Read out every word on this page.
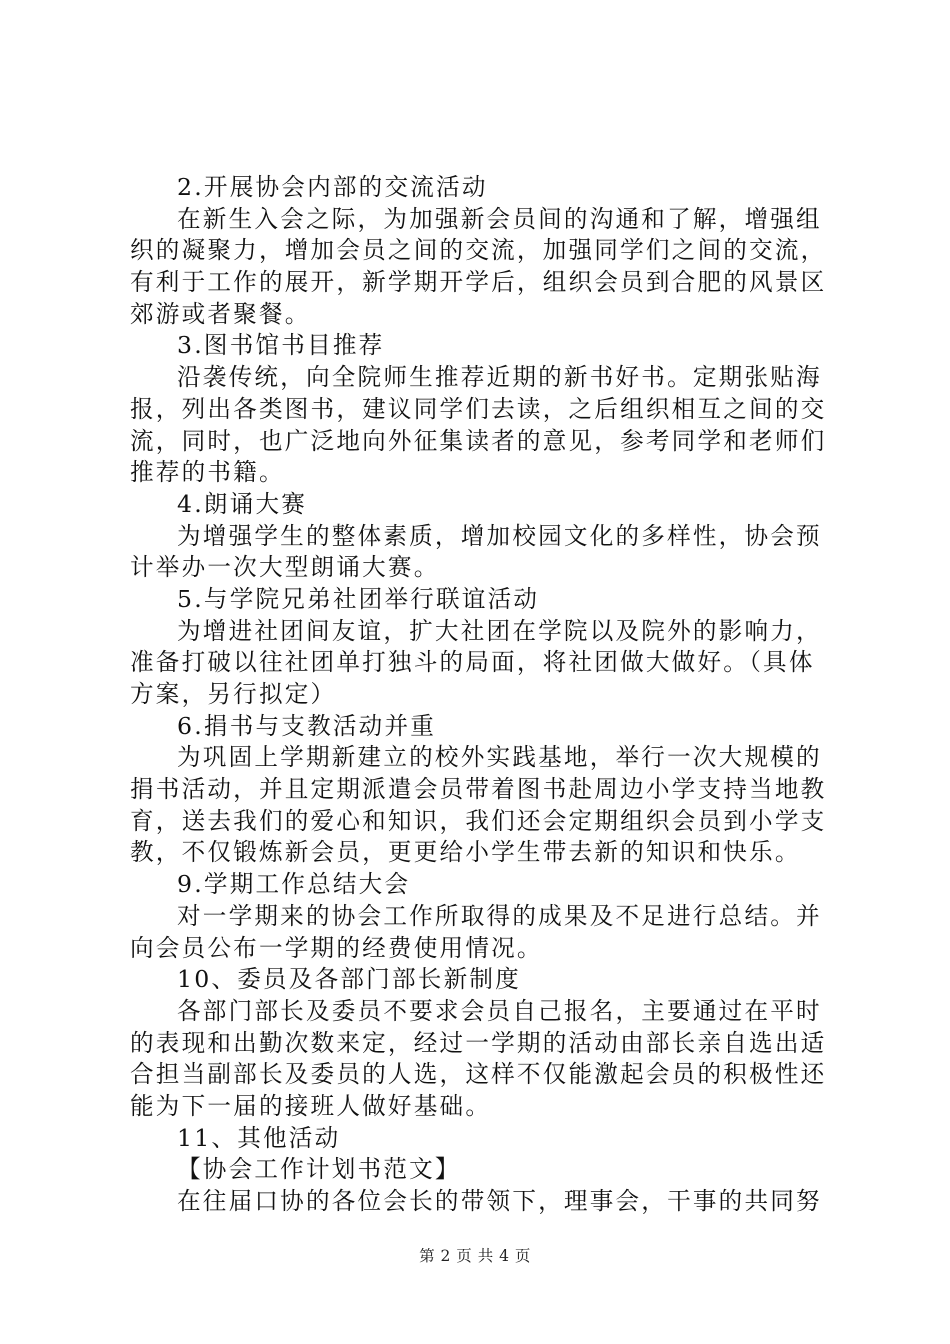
2.开展协会内部的交流活动
在新生入会之际，为加强新会员间的沟通和了解，增强组
织的凝聚力，增加会员之间的交流，加强同学们之间的交流，
有利于工作的展开，新学期开学后，组织会员到合肥的风景区
郊游或者聚餐。
3.图书馆书目推荐
沿袭传统，向全院师生推荐近期的新书好书。定期张贴海
报，列出各类图书，建议同学们去读，之后组织相互之间的交
流，同时，也广泛地向外征集读者的意见，参考同学和老师们
推荐的书籍。
4.朗诵大赛
为增强学生的整体素质，增加校园文化的多样性，协会预
计举办一次大型朗诵大赛。
5.与学院兄弟社团举行联谊活动
为增进社团间友谊，扩大社团在学院以及院外的影响力，
准备打破以往社团单打独斗的局面，将社团做大做好。（具体
方案，另行拟定）
6.捐书与支教活动并重
为巩固上学期新建立的校外实践基地，举行一次大规模的
捐书活动，并且定期派遣会员带着图书赴周边小学支持当地教
育，送去我们的爱心和知识，我们还会定期组织会员到小学支
教，不仅锻炼新会员，更更给小学生带去新的知识和快乐。
9.学期工作总结大会
对一学期来的协会工作所取得的成果及不足进行总结。并
向会员公布一学期的经费使用情况。
10、委员及各部门部长新制度
各部门部长及委员不要求会员自己报名，主要通过在平时
的表现和出勤次数来定，经过一学期的活动由部长亲自选出适
合担当副部长及委员的人选，这样不仅能激起会员的积极性还
能为下一届的接班人做好基础。
11、其他活动
【协会工作计划书范文】
在往届口协的各位会长的带领下，理事会，干事的共同努
第 2 页 共 4 页
